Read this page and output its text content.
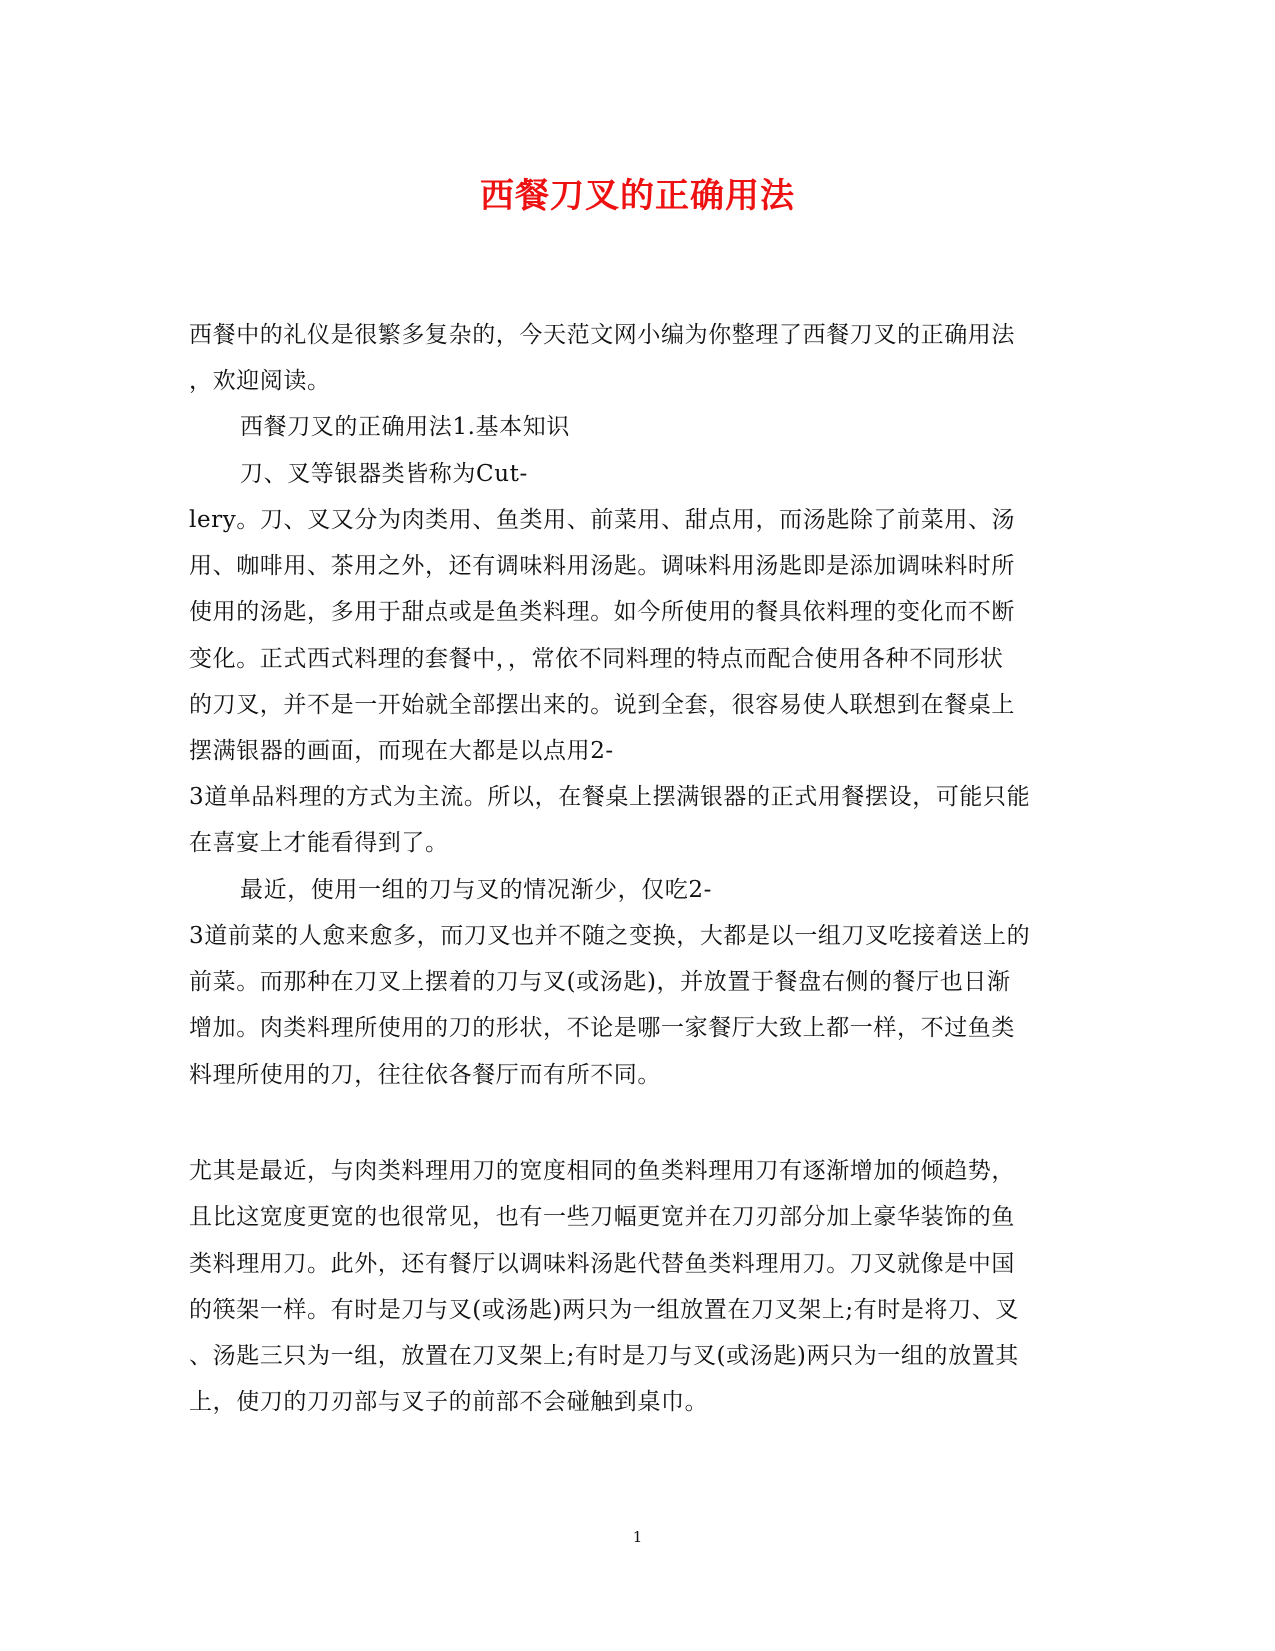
西餐刀叉的正确用法
西餐中的礼仪是很繁多复杂的，今天范文网小编为你整理了西餐刀叉的正确用法
，欢迎阅读。
西餐刀叉的正确用法1.基本知识
刀、叉等银器类皆称为Cut-
lery。刀、叉又分为肉类用、鱼类用、前菜用、甜点用，而汤匙除了前菜用、汤
用、咖啡用、茶用之外，还有调味料用汤匙。调味料用汤匙即是添加调味料时所
使用的汤匙，多用于甜点或是鱼类料理。如今所使用的餐具依料理的变化而不断
变化。正式西式料理的套餐中，，常依不同料理的特点而配合使用各种不同形状
的刀叉，并不是一开始就全部摆出来的。说到全套，很容易使人联想到在餐桌上
摆满银器的画面，而现在大都是以点用2-
3道单品料理的方式为主流。所以，在餐桌上摆满银器的正式用餐摆设，可能只能
在喜宴上才能看得到了。
最近，使用一组的刀与叉的情况渐少，仅吃2-
3道前菜的人愈来愈多，而刀叉也并不随之变换，大都是以一组刀叉吃接着送上的
前菜。而那种在刀叉上摆着的刀与叉(或汤匙)，并放置于餐盘右侧的餐厅也日渐
增加。肉类料理所使用的刀的形状，不论是哪一家餐厅大致上都一样，不过鱼类
料理所使用的刀，往往依各餐厅而有所不同。
尤其是最近，与肉类料理用刀的宽度相同的鱼类料理用刀有逐渐增加的倾趋势，
且比这宽度更宽的也很常见，也有一些刀幅更宽并在刀刃部分加上豪华装饰的鱼
类料理用刀。此外，还有餐厅以调味料汤匙代替鱼类料理用刀。刀叉就像是中国
的筷架一样。有时是刀与叉(或汤匙)两只为一组放置在刀叉架上;有时是将刀、叉
、汤匙三只为一组，放置在刀叉架上;有时是刀与叉(或汤匙)两只为一组的放置其
上，使刀的刀刃部与叉子的前部不会碰触到桌巾。
1
